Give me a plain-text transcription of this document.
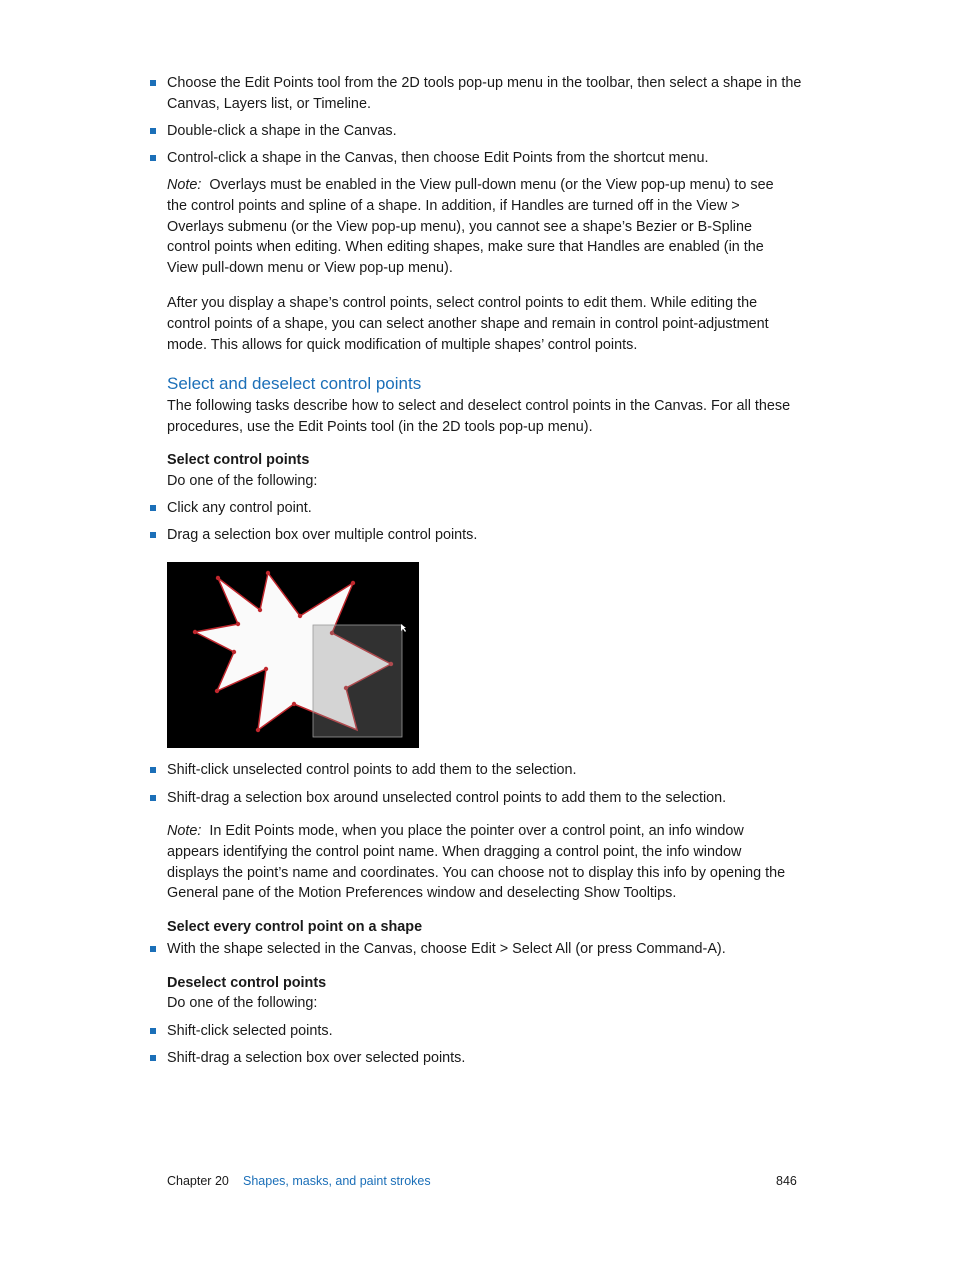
Choose the Edit Points tool from the 2D tools pop-up menu in the toolbar, then select a shape in the Canvas, Layers list, or Timeline.
Double-click a shape in the Canvas.
Control-click a shape in the Canvas, then choose Edit Points from the shortcut menu.
Note: Overlays must be enabled in the View pull-down menu (or the View pop-up menu) to see the control points and spline of a shape. In addition, if Handles are turned off in the View > Overlays submenu (or the View pop-up menu), you cannot see a shape’s Bezier or B-Spline control points when editing. When editing shapes, make sure that Handles are enabled (in the View pull-down menu or View pop-up menu).
After you display a shape’s control points, select control points to edit them. While editing the control points of a shape, you can select another shape and remain in control point-adjustment mode. This allows for quick modification of multiple shapes’ control points.
Select and deselect control points
The following tasks describe how to select and deselect control points in the Canvas. For all these procedures, use the Edit Points tool (in the 2D tools pop-up menu).
Select control points
Do one of the following:
Click any control point.
Drag a selection box over multiple control points.
Shift-click unselected control points to add them to the selection.
Shift-drag a selection box around unselected control points to add them to the selection.
Note: In Edit Points mode, when you place the pointer over a control point, an info window appears identifying the control point name. When dragging a control point, the info window displays the point’s name and coordinates. You can choose not to display this info by opening the General pane of the Motion Preferences window and deselecting Show Tooltips.
Select every control point on a shape
With the shape selected in the Canvas, choose Edit > Select All (or press Command-A).
Deselect control points
Do one of the following:
Shift-click selected points.
Shift-drag a selection box over selected points.
Chapter 20 Shapes, masks, and paint strokes	846
